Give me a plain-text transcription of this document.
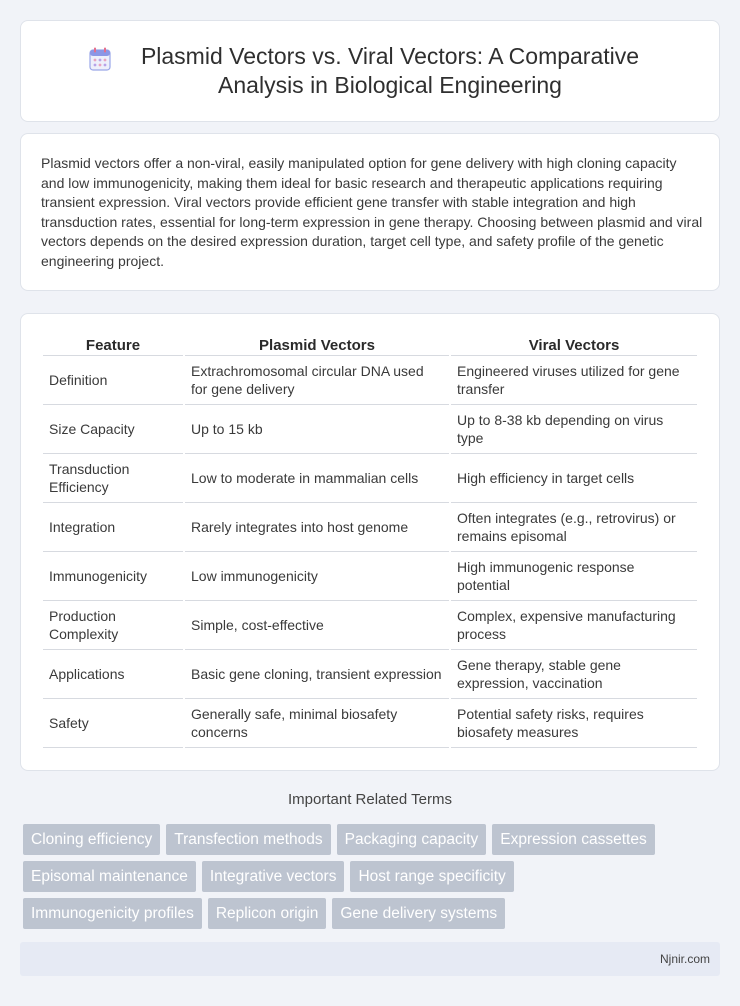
Plasmid Vectors vs. Viral Vectors: A Comparative Analysis in Biological Engineering

Plasmid vectors offer a non-viral, easily manipulated option for gene delivery with high cloning capacity and low immunogenicity, making them ideal for basic research and therapeutic applications requiring transient expression. Viral vectors provide efficient gene transfer with stable integration and high transduction rates, essential for long-term expression in gene therapy. Choosing between plasmid and viral vectors depends on the desired expression duration, target cell type, and safety profile of the genetic engineering project.

Feature	Plasmid Vectors	Viral Vectors
Definition	Extrachromosomal circular DNA used for gene delivery	Engineered viruses utilized for gene transfer
Size Capacity	Up to 15 kb	Up to 8-38 kb depending on virus type
Transduction Efficiency	Low to moderate in mammalian cells	High efficiency in target cells
Integration	Rarely integrates into host genome	Often integrates (e.g., retrovirus) or remains episomal
Immunogenicity	Low immunogenicity	High immunogenic response potential
Production Complexity	Simple, cost-effective	Complex, expensive manufacturing process
Applications	Basic gene cloning, transient expression	Gene therapy, stable gene expression, vaccination
Safety	Generally safe, minimal biosafety concerns	Potential safety risks, requires biosafety measures
Important Related Terms
Cloning efficiency	Transfection methods	Packaging capacity	Expression cassettes
Episomal maintenance	Integrative vectors	Host range specificity
Immunogenicity profiles	Replicon origin	Gene delivery systems
Njnir.com
